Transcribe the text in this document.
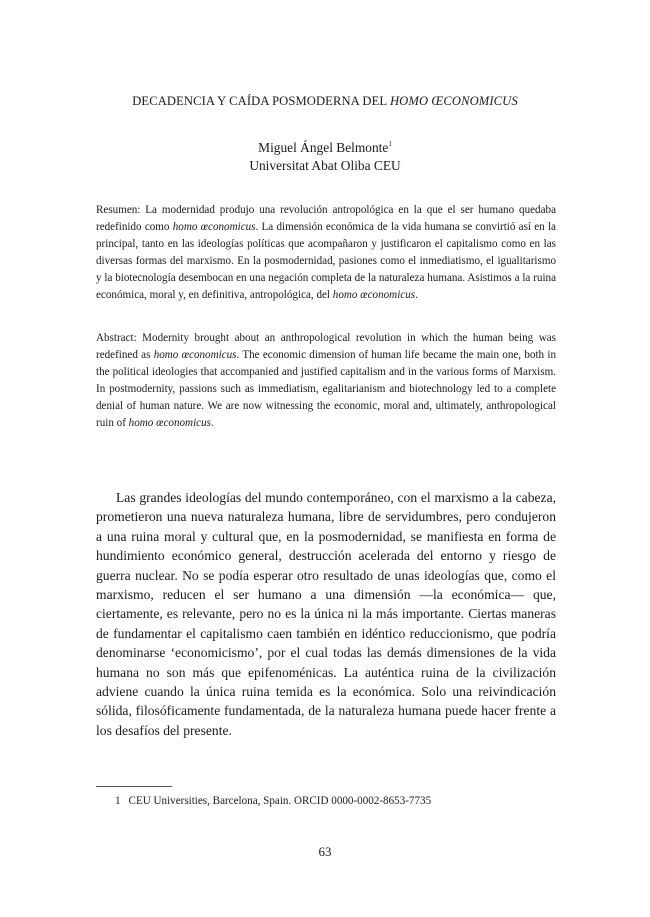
DECADENCIA Y CAÍDA POSMODERNA DEL HOMO ŒCONOMICUS
Miguel Ángel Belmonte$^1$
Universitat Abat Oliba CEU
Resumen: La modernidad produjo una revolución antropológica en la que el ser humano quedaba redefinido como homo œconomicus. La dimensión económica de la vida humana se convirtió así en la principal, tanto en las ideologías políticas que acompañaron y justificaron el capitalismo como en las diversas formas del marxismo. En la posmodernidad, pasiones como el inmediatismo, el igualitarismo y la biotecnología desembocan en una negación completa de la naturaleza humana. Asistimos a la ruina económica, moral y, en definitiva, antropológica, del homo œconomicus.
Abstract: Modernity brought about an anthropological revolution in which the human being was redefined as homo œconomicus. The economic dimension of human life became the main one, both in the political ideologies that accompanied and justified capitalism and in the various forms of Marxism. In postmodernity, passions such as immediatism, egalitarianism and biotechnology led to a complete denial of human nature. We are now witnessing the economic, moral and, ultimately, anthropological ruin of homo œconomicus.
Las grandes ideologías del mundo contemporáneo, con el marxismo a la cabeza, prometieron una nueva naturaleza humana, libre de servidumbres, pero condujeron a una ruina moral y cultural que, en la posmodernidad, se manifiesta en forma de hundimiento económico general, destrucción acelerada del entorno y riesgo de guerra nuclear. No se podía esperar otro resultado de unas ideologías que, como el marxismo, reducen el ser humano a una dimensión —la económica— que, ciertamente, es relevante, pero no es la única ni la más importante. Ciertas maneras de fundamentar el capitalismo caen también en idéntico reduccionismo, que podría denominarse ‘economicismo’, por el cual todas las demás dimensiones de la vida humana no son más que epifenoménicas. La auténtica ruina de la civilización adviene cuando la única ruina temida es la económica. Solo una reivindicación sólida, filosóficamente fundamentada, de la naturaleza humana puede hacer frente a los desafíos del presente.
1 CEU Universities, Barcelona, Spain. ORCID 0000-0002-8653-7735
63
